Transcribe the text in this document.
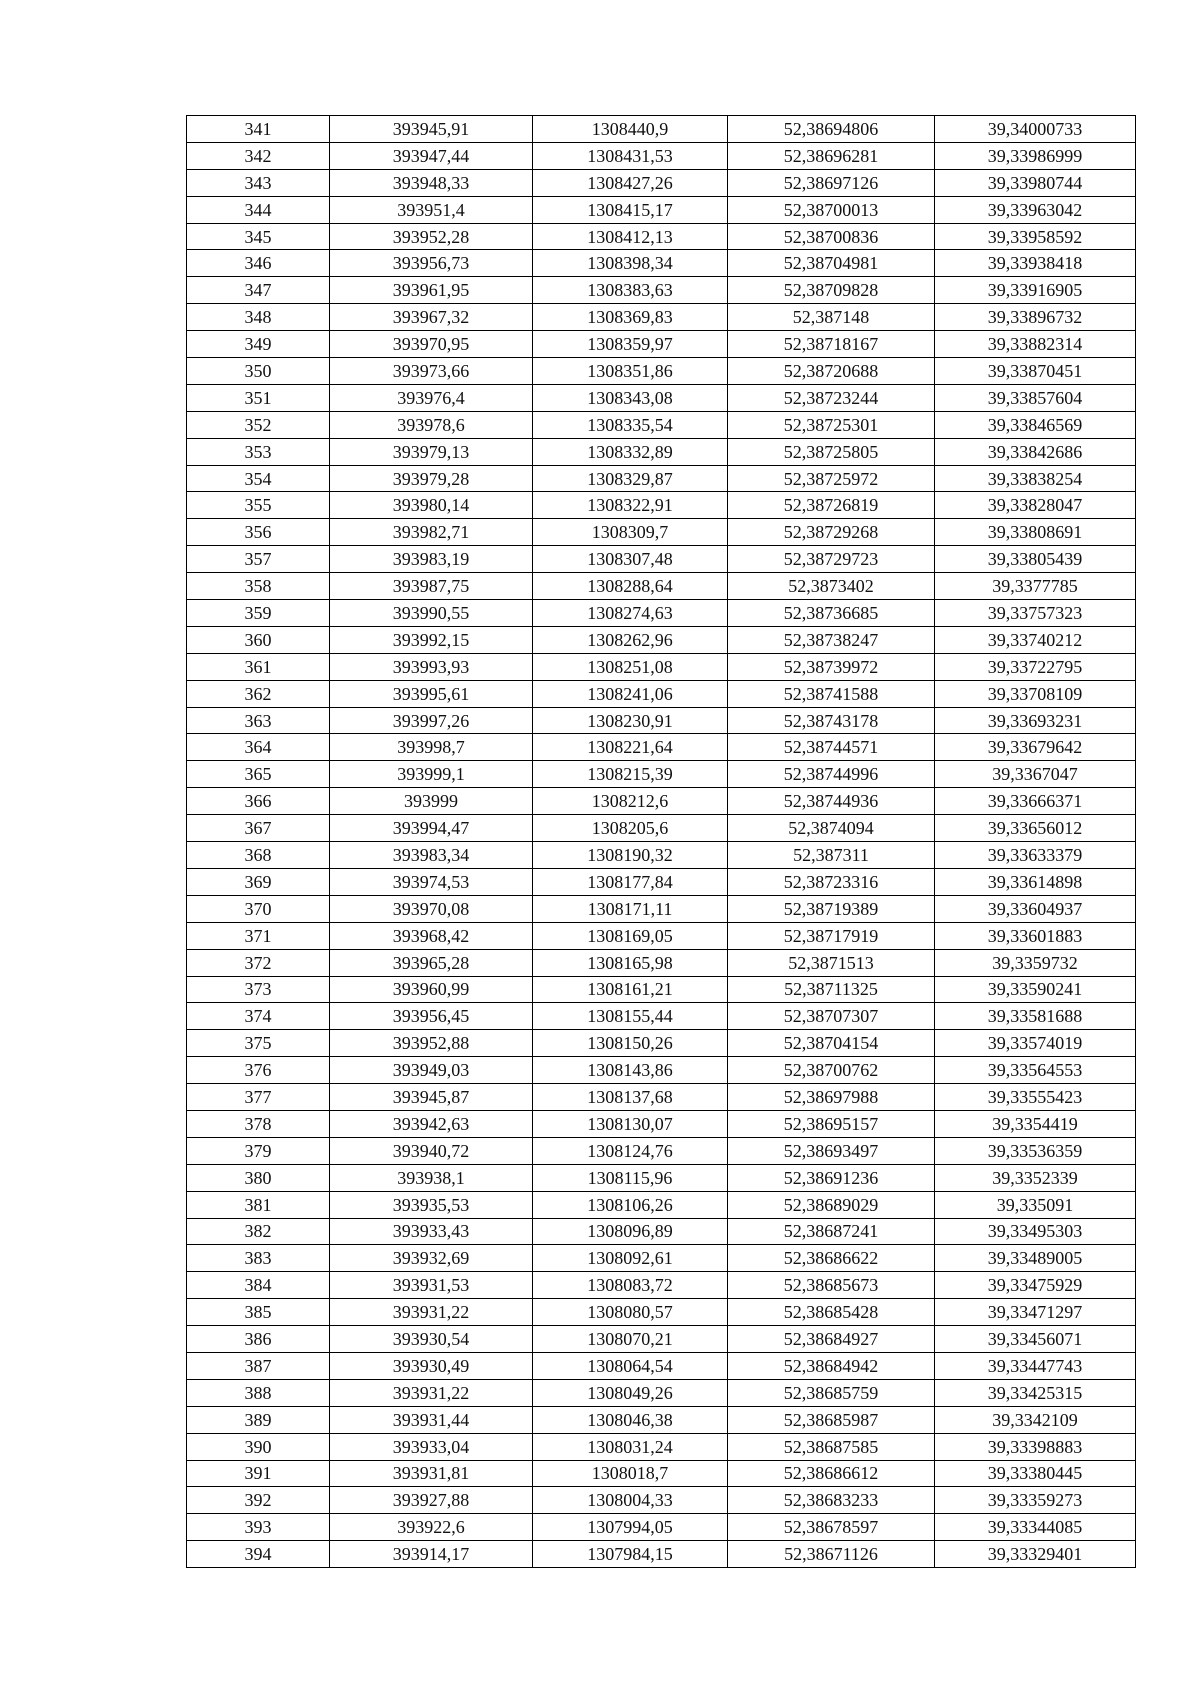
341	393945,91	1308440,9	52,38694806	39,34000733
342	393947,44	1308431,53	52,38696281	39,33986999
343	393948,33	1308427,26	52,38697126	39,33980744
344	393951,4	1308415,17	52,38700013	39,33963042
345	393952,28	1308412,13	52,38700836	39,33958592
346	393956,73	1308398,34	52,38704981	39,33938418
347	393961,95	1308383,63	52,38709828	39,33916905
348	393967,32	1308369,83	52,387148	39,33896732
349	393970,95	1308359,97	52,38718167	39,33882314
350	393973,66	1308351,86	52,38720688	39,33870451
351	393976,4	1308343,08	52,38723244	39,33857604
352	393978,6	1308335,54	52,38725301	39,33846569
353	393979,13	1308332,89	52,38725805	39,33842686
354	393979,28	1308329,87	52,38725972	39,33838254
355	393980,14	1308322,91	52,38726819	39,33828047
356	393982,71	1308309,7	52,38729268	39,33808691
357	393983,19	1308307,48	52,38729723	39,33805439
358	393987,75	1308288,64	52,3873402	39,3377785
359	393990,55	1308274,63	52,38736685	39,33757323
360	393992,15	1308262,96	52,38738247	39,33740212
361	393993,93	1308251,08	52,38739972	39,33722795
362	393995,61	1308241,06	52,38741588	39,33708109
363	393997,26	1308230,91	52,38743178	39,33693231
364	393998,7	1308221,64	52,38744571	39,33679642
365	393999,1	1308215,39	52,38744996	39,3367047
366	393999	1308212,6	52,38744936	39,33666371
367	393994,47	1308205,6	52,3874094	39,33656012
368	393983,34	1308190,32	52,387311	39,33633379
369	393974,53	1308177,84	52,38723316	39,33614898
370	393970,08	1308171,11	52,38719389	39,33604937
371	393968,42	1308169,05	52,38717919	39,33601883
372	393965,28	1308165,98	52,3871513	39,3359732
373	393960,99	1308161,21	52,38711325	39,33590241
374	393956,45	1308155,44	52,38707307	39,33581688
375	393952,88	1308150,26	52,38704154	39,33574019
376	393949,03	1308143,86	52,38700762	39,33564553
377	393945,87	1308137,68	52,38697988	39,33555423
378	393942,63	1308130,07	52,38695157	39,3354419
379	393940,72	1308124,76	52,38693497	39,33536359
380	393938,1	1308115,96	52,38691236	39,3352339
381	393935,53	1308106,26	52,38689029	39,335091
382	393933,43	1308096,89	52,38687241	39,33495303
383	393932,69	1308092,61	52,38686622	39,33489005
384	393931,53	1308083,72	52,38685673	39,33475929
385	393931,22	1308080,57	52,38685428	39,33471297
386	393930,54	1308070,21	52,38684927	39,33456071
387	393930,49	1308064,54	52,38684942	39,33447743
388	393931,22	1308049,26	52,38685759	39,33425315
389	393931,44	1308046,38	52,38685987	39,3342109
390	393933,04	1308031,24	52,38687585	39,33398883
391	393931,81	1308018,7	52,38686612	39,33380445
392	393927,88	1308004,33	52,38683233	39,33359273
393	393922,6	1307994,05	52,38678597	39,33344085
394	393914,17	1307984,15	52,38671126	39,33329401
